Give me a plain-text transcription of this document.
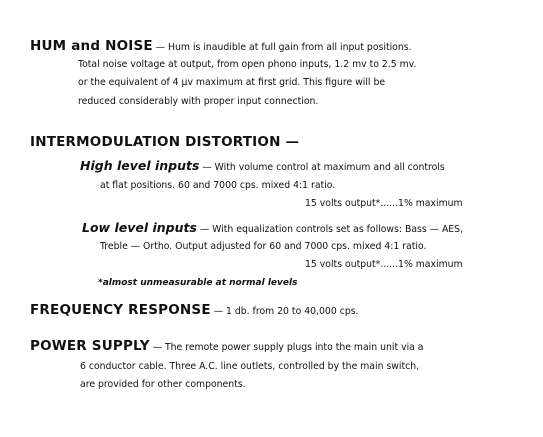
HUM and NOISE — Hum is inaudible at full gain from all input positions.
Total noise voltage at output, from open phono inputs, 1.2 mv to 2.5 mv.
or the equivalent of 4 µv maximum at first grid. This figure will be
reduced considerably with proper input connection.
INTERMODULATION DISTORTION —
High level inputs — With volume control at maximum and all controls
at flat positions. 60 and 7000 cps. mixed 4:1 ratio.
15 volts output*......1% maximum
Low level inputs — With equalization controls set as follows: Bass — AES,
Treble — Ortho. Output adjusted for 60 and 7000 cps. mixed 4:1 ratio.
15 volts output*......1% maximum
*almost unmeasurable at normal levels
FREQUENCY RESPONSE — 1 db. from 20 to 40,000 cps.
POWER SUPPLY — The remote power supply plugs into the main unit via a
6 conductor cable. Three A.C. line outlets, controlled by the main switch,
are provided for other components.
